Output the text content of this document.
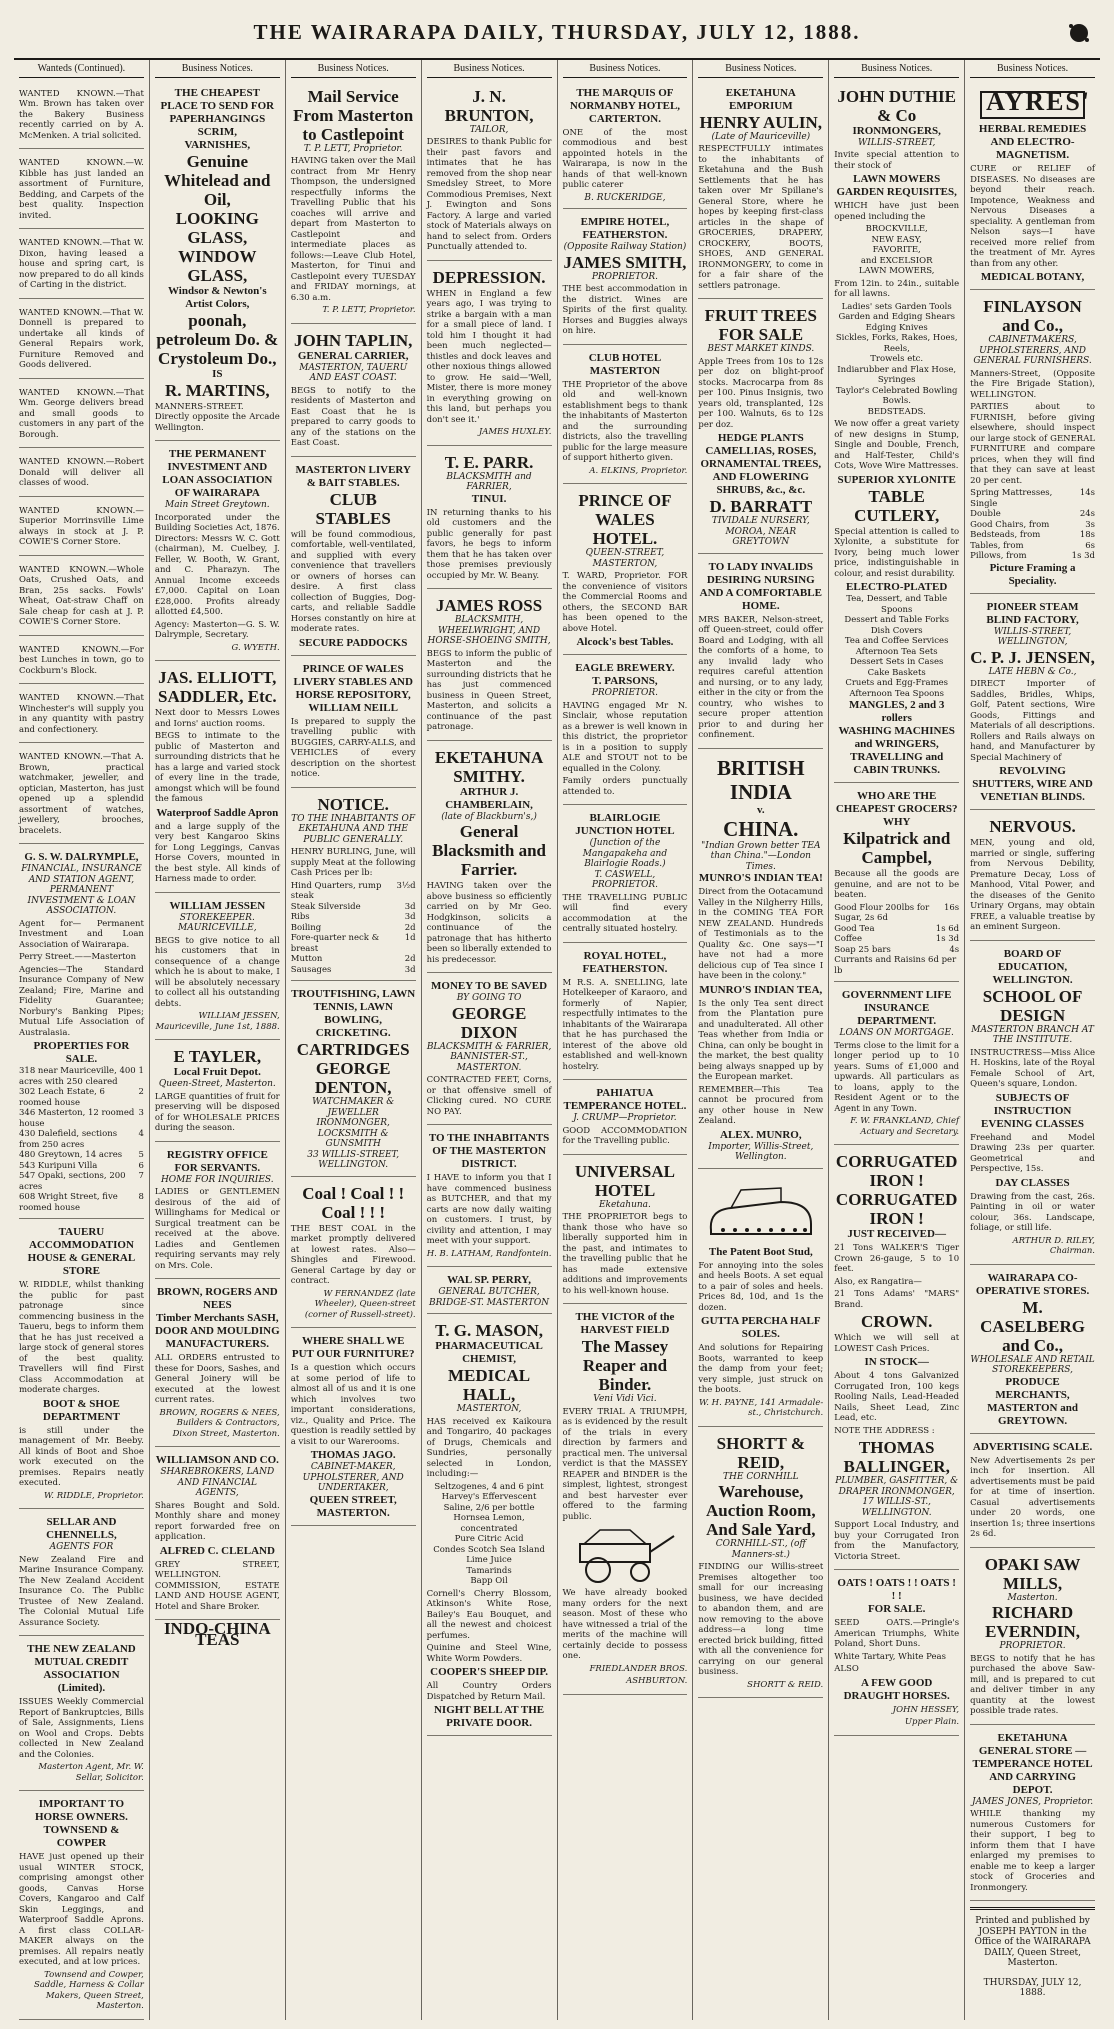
THE WAIRARAPA DAILY, THURSDAY, JULY 12, 1888.
Wanteds (Continued).

WANTED KNOWN.—That Wm. Brown has taken over the Bakery Business recently carried on by A. McMenken. A trial solicited.

WANTED KNOWN.—W. Kibble has just landed an assortment of Furniture, Bedding, and Carpets of the best quality. Inspection invited.

WANTED KNOWN.—That W. Dixon, having leased a house and spring cart, is now prepared to do all kinds of Carting in the district.

WANTED KNOWN.—That W. Donnell is prepared to undertake all kinds of General Repairs work, Furniture Removed and Goods delivered.

WANTED KNOWN.—That Wm. George delivers bread and small goods to customers in any part of the Borough.

WANTED KNOWN.—Robert Donald will deliver all classes of wood.

WANTED KNOWN.—Superior Morrinsville Lime always in stock at J. P. COWIE'S Corner Store.

WANTED KNOWN.—Whole Oats, Crushed Oats, and Bran, 25s sacks. Fowls' Wheat, Oat-straw Chaff on Sale cheap for cash at J. P. COWIE'S Corner Store.

WANTED KNOWN.—For best Lunches in town, go to Cockburn's Block.

WANTED KNOWN.—That Winchester's will supply you in any quantity with pastry and confectionery.

WANTED KNOWN.—That A. Brown, practical watchmaker, jeweller, and optician, Masterton, has just opened up a splendid assortment of watches, jewellery, brooches, bracelets.

G. S. W. DALRYMPLE,
FINANCIAL, INSURANCE AND STATION AGENT, PERMANENT INVESTMENT & LOAN ASSOCIATION.

Agent for— Permanent Investment and Loan Association of Wairarapa.

Perry Street.——Masterton

Agencies—The Standard Insurance Company of New Zealand; Fire, Marine and Fidelity Guarantee; Norbury's Banking Pipes; Mutual Life Association of Australasia.

PROPERTIES FOR SALE.
318 near Mauriceville, 400 acres with 250 cleared
1
302 Leach Estate, 6 roomed house
2
346 Masterton, 12 roomed house
3
430 Dalefield, sections from 250 acres
4
480 Greytown, 14 acres 5
543 Kuripuni Villa	6
547 Opaki, sections, 200 acres
7
608 Wright Street, five roomed house
8
TAUERU ACCOMMODATION HOUSE & GENERAL STORE

W. RIDDLE, whilst thanking the public for past patronage since commencing business in the Taueru, begs to inform them that he has just received a large stock of general stores of the best quality. Travellers will find First Class Accommodation at moderate charges.

BOOT & SHOE DEPARTMENT

is still under the management of Mr. Beeby. All kinds of Boot and Shoe work executed on the premises. Repairs neatly executed.

W. RIDDLE, Proprietor.

SELLAR AND CHENNELLS,
AGENTS FOR

New Zealand Fire and Marine Insurance Company. The New Zealand Accident Insurance Co. The Public Trustee of New Zealand. The Colonial Mutual Life Assurance Society.

THE NEW ZEALAND MUTUAL CREDIT ASSOCIATION (Limited).

ISSUES Weekly Commercial Report of Bankruptcies, Bills of Sale, Assignments, Liens on Wool and Crops. Debts collected in New Zealand and the Colonies.

Masterton Agent, Mr. W. Sellar, Solicitor.

IMPORTANT TO HORSE OWNERS.
TOWNSEND & COWPER

HAVE just opened up their usual WINTER STOCK, comprising amongst other goods, Canvas Horse Covers, Kangaroo and Calf Skin Leggings, and Waterproof Saddle Aprons. A first class COLLAR-MAKER always on the premises. All repairs neatly executed, and at low prices.

Townsend and Cowper, Saddle, Harness & Collar Makers, Queen Street, Masterton.

Business Notices.
THE CHEAPEST PLACE TO SEND FOR
PAPERHANGINGS
SCRIM,
VARNISHES,
Genuine Whitelead and Oil,
LOOKING GLASS, WINDOW GLASS,
Windsor & Newton's Artist Colors,
poonah, petroleum Do. & Crystoleum Do.,
IS
R. MARTINS,

MANNERS-STREET. Directly opposite the Arcade Wellington.

THE PERMANENT INVESTMENT AND LOAN ASSOCIATION OF WAIRARAPA
Main Street Greytown.

Incorporated under the Building Societies Act, 1876. Directors: Messrs W. C. Gott (chairman), M. Cuelbey, J. Feller, W. Booth, W. Grant, and C. Pharazyn. The Annual Income exceeds £7,000. Capital on Loan £28,000. Profits already allotted £4,500.

Agency: Masterton—G. S. W. Dalrymple, Secretary.

G. WYETH.

JAS. ELLIOTT, SADDLER, Etc.

Next door to Messrs Lowes and Iorns' auction rooms.

BEGS to intimate to the public of Masterton and surrounding districts that he has a large and varied stock of every line in the trade, amongst which will be found the famous

Waterproof Saddle Apron

and a large supply of the very best Kangaroo Skins for Long Leggings, Canvas Horse Covers, mounted in the best style. All kinds of Harness made to order.

WILLIAM JESSEN
STOREKEEPER.
MAURICEVILLE,

BEGS to give notice to all his customers that in consequence of a change which he is about to make, I will be absolutely necessary to collect all his outstanding debts.

WILLIAM JESSEN, Mauriceville, June 1st, 1888.

E TAYLER,
Local Fruit Depot.
Queen-Street, Masterton.

LARGE quantities of fruit for preserving will be disposed of for WHOLESALE PRICES during the season.

REGISTRY OFFICE FOR SERVANTS.
HOME FOR INQUIRIES.

LADIES or GENTLEMEN desirous of the aid of Willinghams for Medical or Surgical treatment can be received at the above. Ladies and Gentlemen requiring servants may rely on Mrs. Cole.

BROWN, ROGERS AND NEES
Timber Merchants SASH, DOOR AND MOULDING MANUFACTURERS.

ALL ORDERS entrusted to these for Doors, Sashes, and General Joinery will be executed at the lowest current rates.

BROWN, ROGERS & NEES, Builders & Contractors, Dixon Street, Masterton.

WILLIAMSON AND CO.
SHAREBROKERS, LAND AND FINANCIAL AGENTS,

Shares Bought and Sold. Monthly share and money report forwarded free on application.

ALFRED C. CLELAND

GREY STREET, WELLINGTON. COMMISSION, ESTATE LAND AND HOUSE AGENT, Hotel and Share Broker.

INDO-CHINA TEAS
Business Notices.
Mail Service From Masterton to Castlepoint
T. P. LETT, Proprietor.

HAVING taken over the Mail contract from Mr Henry Thompson, the undersigned respectfully informs the Travelling Public that his coaches will arrive and depart from Masterton to Castlepoint and intermediate places as follows:—Leave Club Hotel, Masterton, for Tinui and Castlepoint every TUESDAY and FRIDAY mornings, at 6.30 a.m.

T. P. LETT, Proprietor.

JOHN TAPLIN,
GENERAL CARRIER,
MASTERTON, TAUERU AND EAST COAST.

BEGS to notify to the residents of Masterton and East Coast that he is prepared to carry goods to any of the stations on the East Coast.

MASTERTON LIVERY & BAIT STABLES.
CLUB STABLES

will be found commodious, comfortable, well-ventilated, and supplied with every convenience that travellers or owners of horses can desire. A first class collection of Buggies, Dog-carts, and reliable Saddle Horses constantly on hire at moderate rates.

SECURE PADDOCKS
PRINCE OF WALES LIVERY STABLES AND HORSE REPOSITORY,
WILLIAM NEILL

Is prepared to supply the travelling public with BUGGIES, CARRY-ALLS, and VEHICLES of every description on the shortest notice.

NOTICE.
TO THE INHABITANTS OF EKETAHUNA AND THE PUBLIC GENERALLY.

HENRY BURLING, June, will supply Meat at the following Cash Prices per lb:

Hind Quarters, rump steak
3½d
Steak Silverside	3d
Ribs	3d
Boiling	2d
Fore-quarter neck & breast
1d
Mutton	2d
Sausages	3d
TROUTFISHING, LAWN TENNIS, LAWN BOWLING, CRICKETING.
CARTRIDGES
GEORGE DENTON,
WATCHMAKER & JEWELLER IRONMONGER, LOCKSMITH & GUNSMITH
33 WILLIS-STREET, WELLINGTON.
Coal ! Coal ! ! Coal ! ! !

THE BEST COAL in the market promptly delivered at lowest rates. Also—Shingles and Firewood. General Cartage by day or contract.

W FERNANDEZ (late Wheeler), Queen-street (corner of Russell-street).

WHERE SHALL WE PUT OUR FURNITURE?

Is a question which occurs at some period of life to almost all of us and it is one which involves two important considerations, viz., Quality and Price. The question is readily settled by a visit to our Warerooms.

THOMAS JAGO.
CABINET-MAKER, UPHOLSTERER, AND UNDERTAKER,
QUEEN STREET, MASTERTON.
Business Notices.
J. N. BRUNTON,
TAILOR,

DESIRES to thank Public for their past favors and intimates that he has removed from the shop near Smedsley Street, to More Commodious Premises, Next J. Ewington and Sons Factory. A large and varied stock of Materials always on hand to select from. Orders Punctually attended to.

DEPRESSION.

WHEN in England a few years ago, I was trying to strike a bargain with a man for a small piece of land. I told him I thought it had been much neglected—thistles and dock leaves and other noxious things allowed to grow. He said—'Well, Mister, there is more money in everything growing on this land, but perhaps you don't see it.'

JAMES HUXLEY.

T. E. PARR.
BLACKSMITH and FARRIER,
TINUI.

IN returning thanks to his old customers and the public generally for past favors, he begs to inform them that he has taken over those premises previously occupied by Mr. W. Beany.

JAMES ROSS
BLACKSMITH, WHEELWRIGHT, AND HORSE-SHOEING SMITH,

BEGS to inform the public of Masterton and the surrounding districts that he has just commenced business in Queen Street, Masterton, and solicits a continuance of the past patronage.

EKETAHUNA SMITHY.
ARTHUR J. CHAMBERLAIN,
(late of Blackburn's,)
General Blacksmith and Farrier.

HAVING taken over the above business so efficiently carried on by Mr Geo. Hodgkinson, solicits a continuance of the patronage that has hitherto been so liberally extended to his predecessor.

MONEY TO BE SAVED
BY GOING TO
GEORGE DIXON
BLACKSMITH & FARRIER, BANNISTER-ST., MASTERTON.

CONTRACTED FEET, Corns, or that offensive smell of Clicking cured. NO CURE NO PAY.

TO THE INHABITANTS OF THE MASTERTON DISTRICT.

I HAVE to inform you that I have commenced business as BUTCHER, and that my carts are now daily waiting on customers. I trust, by civility and attention, I may meet with your support.

H. B. LATHAM, Randfontein.

WAL SP. PERRY,
GENERAL BUTCHER, BRIDGE-ST. MASTERTON
T. G. MASON,
PHARMACEUTICAL CHEMIST,
MEDICAL HALL,
MASTERTON,

HAS received ex Kaikoura and Tongariro, 40 packages of Drugs, Chemicals and Sundries, personally selected in London, including:—

Seltzogenes, 4 and 6 pint
Harvey's Effervescent Saline, 2/6 per bottle
Hornsea Lemon, concentrated
Pure Citric Acid
Condes Scotch Sea Island Lime Juice
Tamarinds
Bapp Oil

Cornell's Cherry Blossom, Atkinson's White Rose, Bailey's Eau Bouquet, and all the newest and choicest perfumes.

Quinine and Steel Wine, White Worm Powders.

COOPER'S SHEEP DIP.

All Country Orders Dispatched by Return Mail.

NIGHT BELL AT THE PRIVATE DOOR.
Business Notices.
THE MARQUIS OF NORMANBY HOTEL, CARTERTON.

ONE of the most commodious and best appointed hotels in the Wairarapa, is now in the hands of that well-known public caterer

B. RUCKERIDGE,
EMPIRE HOTEL, FEATHERSTON.
(Opposite Railway Station)
JAMES SMITH,
PROPRIETOR.

THE best accommodation in the district. Wines are Spirits of the first quality. Horses and Buggies always on hire.

CLUB HOTEL MASTERTON

THE Proprietor of the above old and well-known establishment begs to thank the inhabitants of Masterton and the surrounding districts, also the travelling public for the large measure of support hitherto given.

A. ELKINS, Proprietor.

PRINCE OF WALES HOTEL.
QUEEN-STREET, MASTERTON,

T. WARD, Proprietor. FOR the convenience of visitors the Commercial Rooms and others, the SECOND BAR has been opened to the above Hotel.

Alcock's best Tables.
EAGLE BREWERY.
T. PARSONS,
PROPRIETOR.

HAVING engaged Mr N. Sinclair, whose reputation as a brewer is well known in this district, the proprietor is in a position to supply ALE and STOUT not to be equalled in the Colony.

Family orders punctually attended to.

BLAIRLOGIE JUNCTION HOTEL
(Junction of the Mangapakeha and Blairlogie Roads.)
T. CASWELL, PROPRIETOR.

THE TRAVELLING PUBLIC will find every accommodation at the centrally situated hostelry.

ROYAL HOTEL, FEATHERSTON.

M R.S. A. SNELLING, late Hotelkeeper of Karaoro, and formerly of Napier, respectfully intimates to the inhabitants of the Wairarapa that he has purchased the interest of the above old established and well-known hostelry.

PAHIATUA TEMPERANCE HOTEL.
J. CRUMP—Proprietor.

GOOD ACCOMMODATION for the Travelling public.

UNIVERSAL HOTEL
Eketahuna.

THE PROPRIETOR begs to thank those who have so liberally supported him in the past, and intimates to the travelling public that he has made extensive additions and improvements to his well-known house.

THE VICTOR of the HARVEST FIELD
The Massey Reaper and Binder.
Veni Vidi Vici.

EVERY TRIAL A TRIUMPH, as is evidenced by the result of the trials in every direction by farmers and practical men. The universal verdict is that the MASSEY REAPER and BINDER is the simplest, lightest, strongest and best harvester ever offered to the farming public.

We have already booked many orders for the next season. Most of these who have witnessed a trial of the merits of the machine will certainly decide to possess one.

FRIEDLANDER BROS.

ASHBURTON.

Business Notices.
EKETAHUNA EMPORIUM
HENRY AULIN,
(Late of Mauriceville)

RESPECTFULLY intimates to the inhabitants of Eketahuna and the Bush Settlements that he has taken over Mr Spillane's General Store, where he hopes by keeping first-class articles in the shape of GROCERIES, DRAPERY, CROCKERY, BOOTS, SHOES, AND GENERAL IRONMONGERY, to come in for a fair share of the settlers patronage.

FRUIT TREES FOR SALE
BEST MARKET KINDS.

Apple Trees from 10s to 12s per doz on blight-proof stocks. Macrocarpa from 8s per 100. Pinus Insignis, two years old, transplanted, 12s per 100. Walnuts, 6s to 12s per doz.

HEDGE PLANTS
CAMELLIAS, ROSES, ORNAMENTAL TREES, AND FLOWERING SHRUBS, &c., &c.
D. BARRATT
TIVIDALE NURSERY, MOROA, NEAR GREYTOWN
TO LADY INVALIDS DESIRING NURSING AND A COMFORTABLE HOME.

MRS BAKER, Nelson-street, off Queen-street, could offer Board and Lodging, with all the comforts of a home, to any invalid lady who requires careful attention and nursing, or to any lady, either in the city or from the country, who wishes to secure proper attention prior to and during her confinement.

BRITISH INDIA
v.
CHINA.
"Indian Grown better TEA than China."—London Times.
MUNRO'S INDIAN TEA!

Direct from the Ootacamund Valley in the Nilgherry Hills, in the COMING TEA FOR NEW ZEALAND. Hundreds of Testimonials as to the Quality &c. One says—"I have not had a more delicious cup of Tea since I have been in the colony."

MUNRO'S INDIAN TEA,

Is the only Tea sent direct from the Plantation pure and unadulterated. All other Teas whether from India or China, can only be bought in the market, the best quality being always snapped up by the European market.

REMEMBER—This Tea cannot be procured from any other house in New Zealand.

ALEX. MUNRO,
Importer, Willis-Street, Wellington.
The Patent Boot Stud,

For annoying into the soles and heels Boots. A set equal to a pair of soles and heels. Prices 8d, 10d, and 1s the dozen.

GUTTA PERCHA HALF SOLES.

And solutions for Repairing Boots, warranted to keep the damp from your feet; very simple, just struck on the boots.

W. H. PAYNE, 141 Armadale-st., Christchurch.

SHORTT & REID,
THE CORNHILL
Warehouse, Auction Room, And Sale Yard,
CORNHILL-ST., (off Manners-st.)

FINDING our Willis-street Premises altogether too small for our increasing business, we have decided to abandon them, and are now removing to the above address—a long time erected brick building, fitted with all the convenience for carrying on our general business.

SHORTT & REID.

Business Notices.
JOHN DUTHIE & Co
IRONMONGERS,
WILLIS-STREET,

Invite special attention to their stock of

LAWN MOWERS
GARDEN REQUISITES,

WHICH have just been opened including the

BROCKVILLE,
NEW EASY,
FAVORITE,
and EXCELSIOR
LAWN MOWERS,

From 12in. to 24in., suitable for all lawns.

Ladies' sets Garden Tools
Garden and Edging Shears
Edging Knives
Sickles, Forks, Rakes, Hoes, Reels,
Trowels etc.
Indiarubber and Flax Hose, Syringes
Taylor's Celebrated Bowling
Bowls.
BEDSTEADS.

We now offer a great variety of new designs in Stump, Single and Double, French, and Half-Tester, Child's Cots, Wove Wire Mattresses.

SUPERIOR XYLONITE
TABLE CUTLERY,

Special attention is called to Xylonite, a substitute for Ivory, being much lower price, indistinguishable in colour, and resist durability.

ELECTRO-PLATED
Tea, Dessert, and Table Spoons
Dessert and Table Forks
Dish Covers
Tea and Coffee Services
Afternoon Tea Sets
Dessert Sets in Cases
Cake Baskets
Cruets and Egg-Frames
Afternoon Tea Spoons
MANGLES, 2 and 3 rollers
WASHING MACHINES and WRINGERS, TRAVELLING and CABIN TRUNKS.
WHO ARE THE CHEAPEST GROCERS?
WHY
Kilpatrick and Campbel,

Because all the goods are genuine, and are not to be beaten.

Good Flour 200lbs for 16s
Sugar, 2s 6d
Good Tea	1s 6d
Coffee	1s 3d
Soap 25 bars	4s
Currants and Raisins 6d per lb
GOVERNMENT LIFE INSURANCE DEPARTMENT.
LOANS ON MORTGAGE.

Terms close to the limit for a longer period up to 10 years. Sums of £1,000 and upwards. All particulars as to loans, apply to the Resident Agent or to the Agent in any Town.

F. W. FRANKLAND, Chief Actuary and Secretary.

CORRUGATED IRON !
CORRUGATED IRON !
JUST RECEIVED—

21 Tons WALKER'S Tiger Crown 26-gauge, 5 to 10 feet.

Also, ex Rangatira—

21 Tons Adams' "MARS" Brand.

CROWN.

Which we will sell at LOWEST Cash Prices.

IN STOCK—

About 4 tons Galvanized Corrugated Iron, 100 kegs Rooling Nails, Lead-Headed Nails, Sheet Lead, Zinc Lead, etc.

NOTE THE ADDRESS :

THOMAS BALLINGER,
PLUMBER, GASFITTER, & DRAPER IRONMONGER, 17 WILLIS-ST., WELLINGTON.

Support Local Industry, and buy your Corrugated Iron from the Manufactory, Victoria Street.

OATS ! OATS ! ! OATS ! ! !
FOR SALE.

SEED OATS.—Pringle's American Triumphs, White Poland, Short Duns.

White Tartary, White Peas

ALSO

A FEW GOOD DRAUGHT HORSES.

JOHN HESSEY,

Upper Plain.

Business Notices.
AYRES'
HERBAL REMEDIES AND ELECTRO-MAGNETISM.

CURE or RELIEF of DISEASES. No diseases are beyond their reach. Impotence, Weakness and Nervous Diseases a speciality. A gentleman from Nelson says—I have received more relief from the treatment of Mr. Ayres than from any other.

MEDICAL BOTANY,
FINLAYSON and Co.,
CABINETMAKERS, UPHOLSTERERS, AND GENERAL FURNISHERS.

Manners-Street, (Opposite the Fire Brigade Station), WELLINGTON.

PARTIES about to FURNISH, before giving elsewhere, should inspect our large stock of GENERAL FURNITURE and compare prices, when they will find that they can save at least 20 per cent.

Spring Mattresses, Single
14s
Double	24s
Good Chairs, from	3s
Bedsteads, from	18s
Tables, from	6s
Pillows, from	1s 3d
Picture Framing a Speciality.
PIONEER STEAM BLIND FACTORY,
WILLIS-STREET, WELLINGTON,
C. P. J. JENSEN,
LATE HEBN & Co.,

DIRECT Importer of Saddles, Bridles, Whips, Golf, Patent sections, Wire Goods, Fittings and Materials of all descriptions. Rollers and Rails always on hand, and Manufacturer by Special Machinery of

REVOLVING SHUTTERS, WIRE AND VENETIAN BLINDS.
NERVOUS.

MEN, young and old, married or single, suffering from Nervous Debility, Premature Decay, Loss of Manhood, Vital Power, and the diseases of the Genito Urinary Organs, may obtain FREE, a valuable treatise by an eminent Surgeon.

BOARD OF EDUCATION, WELLINGTON.
SCHOOL OF DESIGN
MASTERTON BRANCH AT THE INSTITUTE.

INSTRUCTRESS—Miss Alice H. Hoskins, late of the Royal Female School of Art, Queen's square, London.

SUBJECTS OF INSTRUCTION
EVENING CLASSES

Freehand and Model Drawing 23s per quarter. Geometrical and Perspective, 15s.

DAY CLASSES

Drawing from the cast, 26s. Painting in oil or water colour, 36s. Landscape, foliage, or still life.

ARTHUR D. RILEY, Chairman.

WAIRARAPA CO-OPERATIVE STORES.
M. CASELBERG and Co.,
WHOLESALE AND RETAIL STOREKEEPERS,
PRODUCE MERCHANTS, MASTERTON and GREYTOWN.
ADVERTISING SCALE.

New Advertisements 2s per inch for insertion. All advertisements must be paid for at time of insertion. Casual advertisements under 20 words, one insertion 1s; three insertions 2s 6d.

OPAKI SAW MILLS,
Masterton.
RICHARD EVERNDIN,
PROPRIETOR.

BEGS to notify that he has purchased the above Saw-mill, and is prepared to cut and deliver timber in any quantity at the lowest possible trade rates.

EKETAHUNA GENERAL STORE — TEMPERANCE HOTEL AND CARRYING DEPOT.
JAMES JONES, Proprietor.

WHILE thanking my numerous Customers for their support, I beg to inform them that I have enlarged my premises to enable me to keep a larger stock of Groceries and Ironmongery.

Printed and published by JOSEPH PAYTON in the Office of the WAIRARAPA DAILY, Queen Street, Masterton.

THURSDAY, JULY 12, 1888.
